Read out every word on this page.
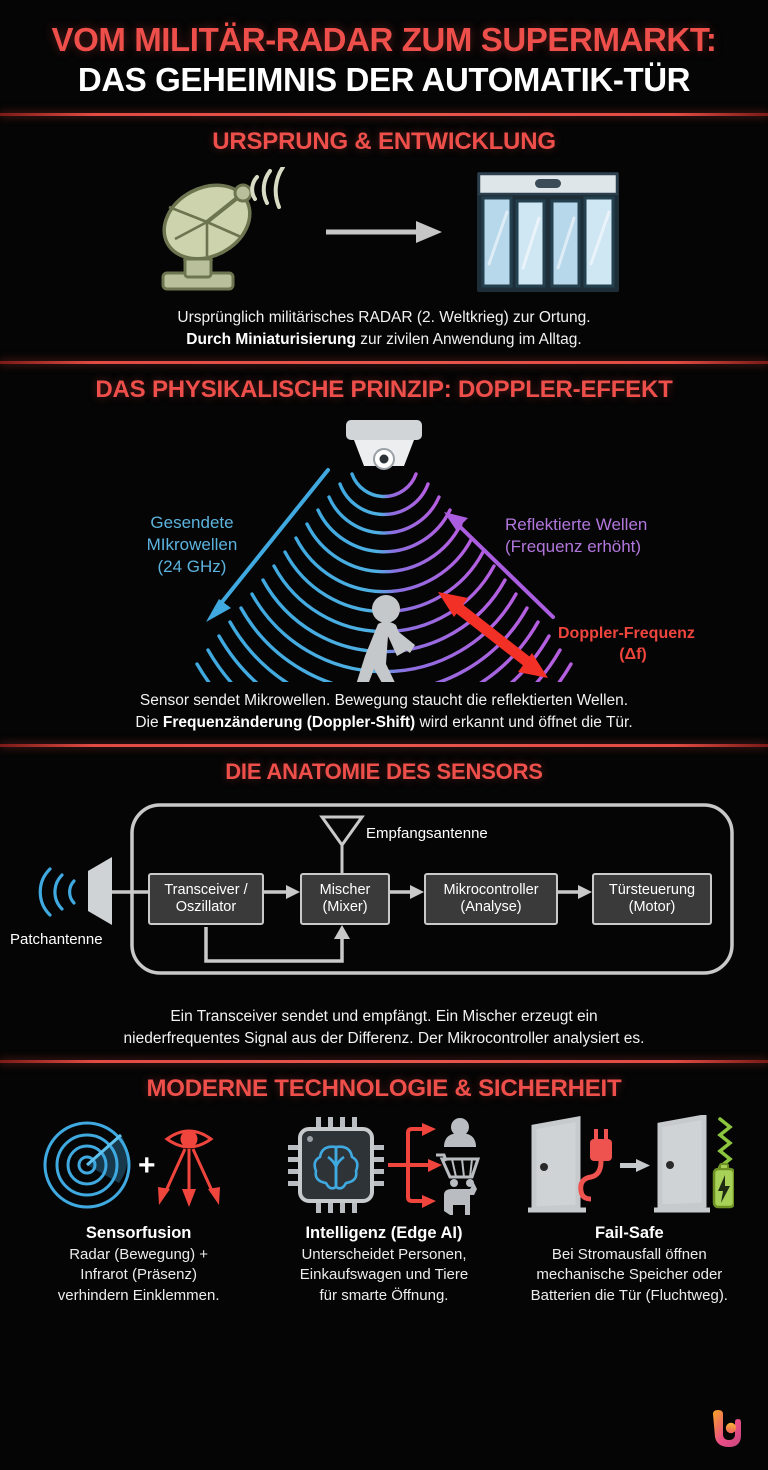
VOM MILITÄR-RADAR ZUM SUPERMARKT:
DAS GEHEIMNIS DER AUTOMATIK-TÜR
URSPRUNG & ENTWICKLUNG
Ursprünglich militärisches RADAR (2. Weltkrieg) zur Ortung.
Durch Miniaturisierung zur zivilen Anwendung im Alltag.
DAS PHYSIKALISCHE PRINZIP: DOPPLER-EFFEKT
Gesendete
MIkrowellen
(24 GHz)
Reflektierte Wellen
(Frequenz erhöht)
Doppler-Frequenz
(Δf)
Sensor sendet Mikrowellen. Bewegung staucht die reflektierten Wellen.
Die Frequenzänderung (Doppler-Shift) wird erkannt und öffnet die Tür.
DIE ANATOMIE DES SENSORS
Transceiver /
Oszillator
Mischer
(Mixer)
Mikrocontroller
(Analyse)
Türsteuerung
(Motor)
Empfangsantenne
Patchantenne
Ein Transceiver sendet und empfängt. Ein Mischer erzeugt ein
niederfrequentes Signal aus der Differenz. Der Mikrocontroller analysiert es.
MODERNE TECHNOLOGIE & SICHERHEIT
+
Sensorfusion
Radar (Bewegung) +
Infrarot (Präsenz)
verhindern Einklemmen.
Intelligenz (Edge AI)
Unterscheidet Personen,
Einkaufswagen und Tiere
für smarte Öffnung.
Fail-Safe
Bei Stromausfall öffnen
mechanische Speicher oder
Batterien die Tür (Fluchtweg).
